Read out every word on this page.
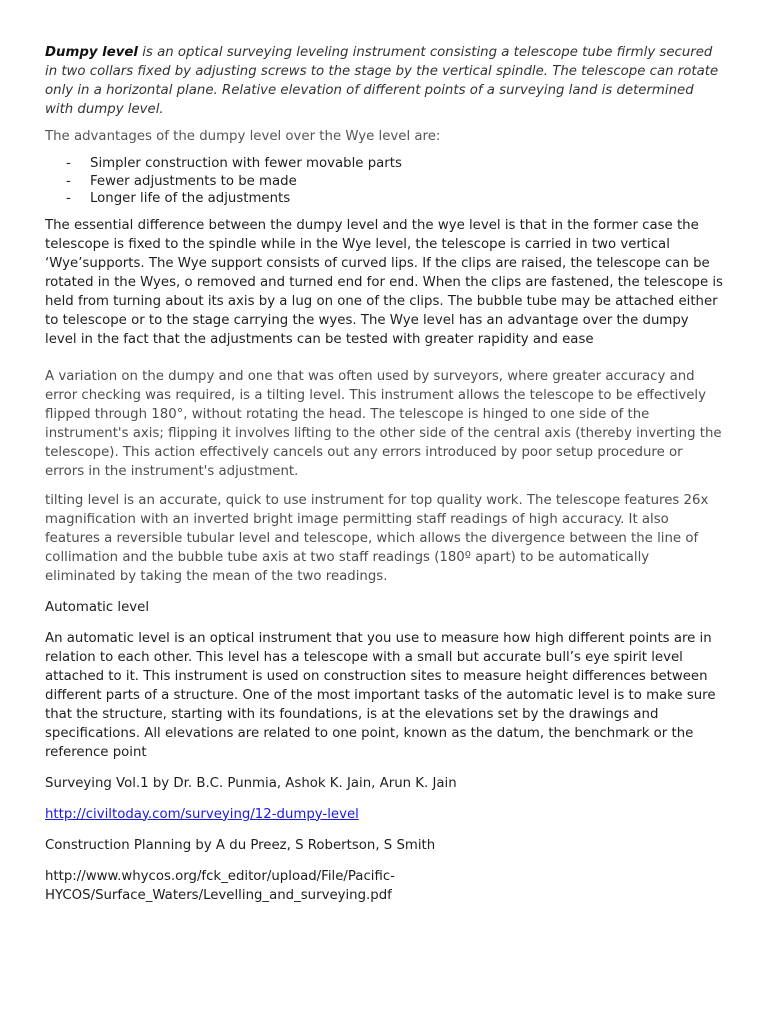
Dumpy level is an optical surveying leveling instrument consisting a telescope tube firmly secured in two collars fixed by adjusting screws to the stage by the vertical spindle. The telescope can rotate only in a horizontal plane. Relative elevation of different points of a surveying land is determined with dumpy level.

The advantages of the dumpy level over the Wye level are:

- Simpler construction with fewer movable parts
- Fewer adjustments to be made
- Longer life of the adjustments

The essential difference between the dumpy level and the wye level is that in the former case the telescope is fixed to the spindle while in the Wye level, the telescope is carried in two vertical ‘Wye’supports. The Wye support consists of curved lips. If the clips are raised, the telescope can be rotated in the Wyes, o removed and turned end for end. When the clips are fastened, the telescope is held from turning about its axis by a lug on one of the clips. The bubble tube may be attached either to telescope or to the stage carrying the wyes. The Wye level has an advantage over the dumpy level in the fact that the adjustments can be tested with greater rapidity and ease

A variation on the dumpy and one that was often used by surveyors, where greater accuracy and error checking was required, is a tilting level. This instrument allows the telescope to be effectively flipped through 180°, without rotating the head. The telescope is hinged to one side of the instrument's axis; flipping it involves lifting to the other side of the central axis (thereby inverting the telescope). This action effectively cancels out any errors introduced by poor setup procedure or errors in the instrument's adjustment.

tilting level is an accurate, quick to use instrument for top quality work. The telescope features 26x magnification with an inverted bright image permitting staff readings of high accuracy. It also features a reversible tubular level and telescope, which allows the divergence between the line of collimation and the bubble tube axis at two staff readings (180º apart) to be automatically eliminated by taking the mean of the two readings.

Automatic level

An automatic level is an optical instrument that you use to measure how high different points are in relation to each other. This level has a telescope with a small but accurate bull’s eye spirit level attached to it. This instrument is used on construction sites to measure height differences between different parts of a structure. One of the most important tasks of the automatic level is to make sure that the structure, starting with its foundations, is at the elevations set by the drawings and specifications. All elevations are related to one point, known as the datum, the benchmark or the reference point

Surveying Vol.1 by Dr. B.C. Punmia, Ashok K. Jain, Arun K. Jain

http://civiltoday.com/surveying/12-dumpy-level

Construction Planning by A du Preez, S Robertson, S Smith

http://www.whycos.org/fck_editor/upload/File/Pacific-
HYCOS/Surface_Waters/Levelling_and_surveying.pdf
